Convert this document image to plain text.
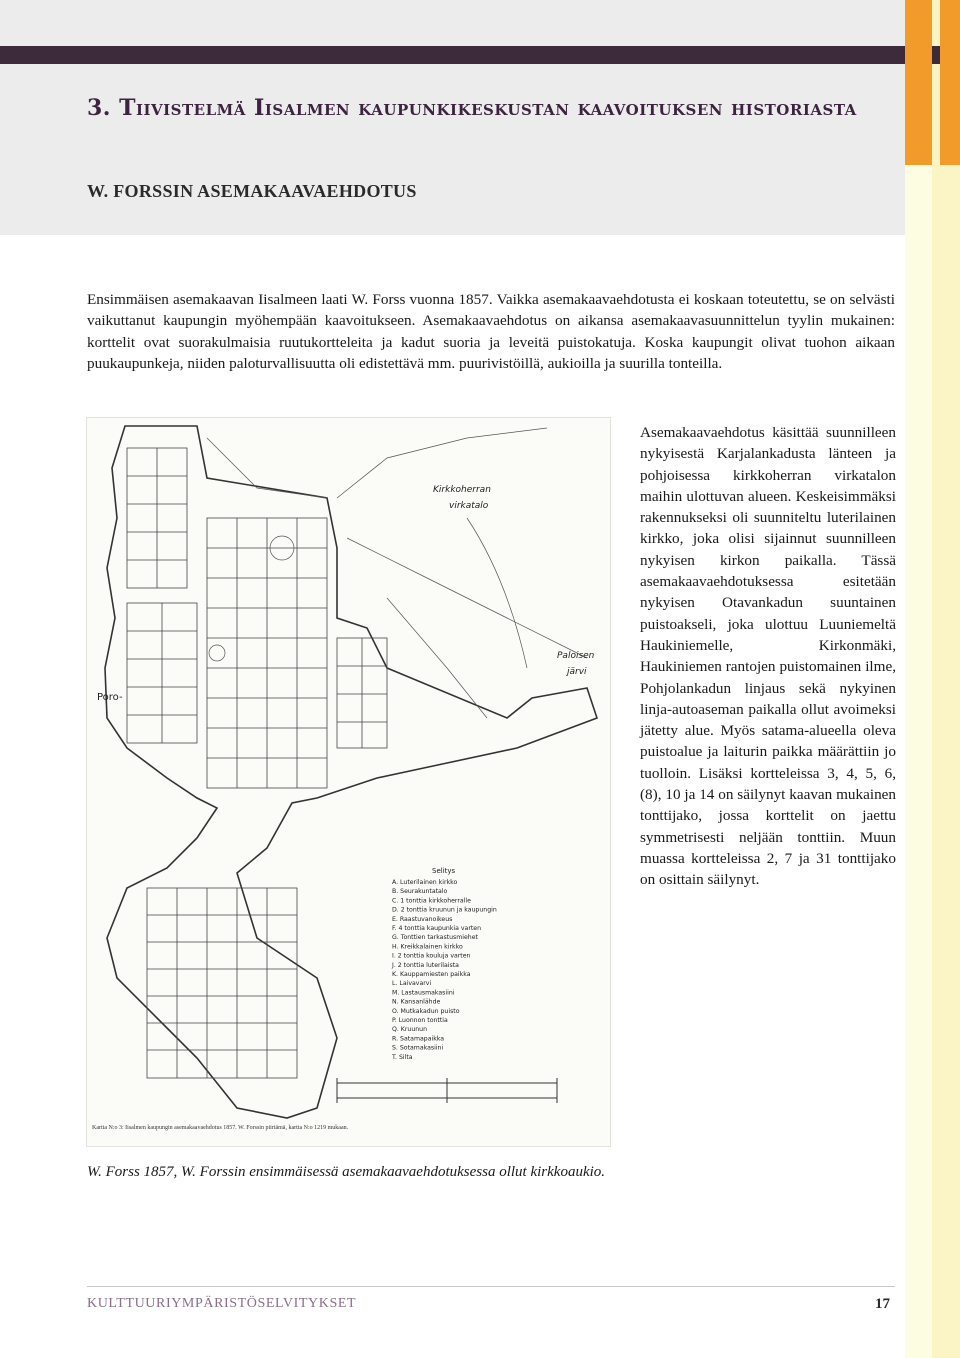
3. Tiivistelmä Iisalmen kaupunkikeskustan kaavoituksen historiasta
W. FORSSIN ASEMAKAAVAEHDOTUS

Ensimmäisen asemakaavan Iisalmeen laati W. Forss vuonna 1857. Vaikka asemakaavaehdotusta ei koskaan toteutettu, se on selvästi vaikuttanut kaupungin myöhempään kaavoitukseen. Asemakaavaehdotus on aikansa asemakaavasuunnittelun tyylin mukainen: korttelit ovat suorakulmaisia ruutukortteleita ja kadut suoria ja leveitä puistokatuja. Koska kaupungit olivat tuohon aikaan puukaupunkeja, niiden paloturvallisuutta oli edistettävä mm. puurivistöillä, aukioilla ja suurilla tonteilla.

Poro-
Kirkkoherran
virkatalo
Paloisen
järvi
Selitys
A. Luterilainen kirkko
B. Seurakuntatalo
C. 1 tonttia kirkkoherralle
D. 2 tonttia kruunun ja kaupungin
E. Raastuvanoikeus
F. 4 tonttia kaupunkia varten
G. Tonttien tarkastusmiehet
H. Kreikkalainen kirkko
I. 2 tonttia kouluja varten
J. 2 tonttia luterilaista
K. Kauppamiesten paikka
L. Laivavarvi
M. Lastausmakasiini
N. Kansanlähde
O. Mutkakadun puisto
P. Luonnon tonttia
Q. Kruunun
R. Satamapaikka
S. Sotamakasiini
T. Silta
Kartta N:o 3: Iisalmen kaupungin asemakaavaehdotus 1857. W. Forssin piirtämä, kartta N:o 1219 mukaan.

Asemakaavaehdotus käsittää suunnilleen nykyisestä Karjalankadusta länteen ja pohjoisessa kirkkoherran virkatalon maihin ulottuvan alueen. Keskeisimmäksi rakennukseksi oli suunniteltu luterilainen kirkko, joka olisi sijainnut suunnilleen nykyisen kirkon paikalla. Tässä asemakaavaehdotuksessa esitetään nykyisen Otavankadun suuntainen puistoakseli, joka ulottuu Luuniemeltä Haukiniemelle, Kirkonmäki, Haukiniemen rantojen puistomainen ilme, Pohjolankadun linjaus sekä nykyinen linja-autoaseman paikalla ollut avoimeksi jätetty alue. Myös satama-alueella oleva puistoalue ja laiturin paikka määrättiin jo tuolloin. Lisäksi kortteleissa 3, 4, 5, 6, (8), 10 ja 14 on säilynyt kaavan mukainen tonttijako, jossa korttelit on jaettu symmetrisesti neljään tonttiin. Muun muassa kortteleissa 2, 7 ja 31 tonttijako on osittain säilynyt.

W. Forss 1857, W. Forssin ensimmäisessä asemakaavaehdotuksessa ollut kirkkoaukio.

KULTTUURIYMPÄRISTÖSELVITYKSET	17
